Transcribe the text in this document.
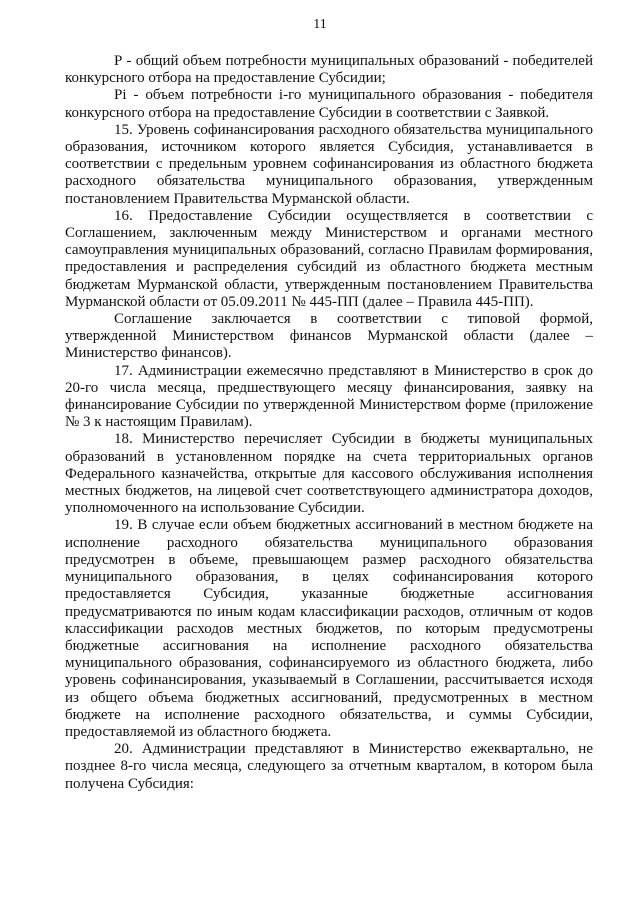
11

Р - общий объем потребности муниципальных образований - победителей конкурсного отбора на предоставление Субсидии;

Pi - объем потребности i-го муниципального образования - победителя конкурсного отбора на предоставление Субсидии в соответствии с Заявкой.

15. Уровень софинансирования расходного обязательства муниципального образования, источником которого является Субсидия, устанавливается в соответствии с предельным уровнем софинансирования из областного бюджета расходного обязательства муниципального образования, утвержденным постановлением Правительства Мурманской области.

16. Предоставление Субсидии осуществляется в соответствии с Соглашением, заключенным между Министерством и органами местного самоуправления муниципальных образований, согласно Правилам формирования, предоставления и распределения субсидий из областного бюджета местным бюджетам Мурманской области, утвержденным постановлением Правительства Мурманской области от 05.09.2011 № 445-ПП (далее – Правила 445-ПП).

Соглашение заключается в соответствии с типовой формой, утвержденной Министерством финансов Мурманской области (далее – Министерство финансов).

17. Администрации ежемесячно представляют в Министерство в срок до 20-го числа месяца, предшествующего месяцу финансирования, заявку на финансирование Субсидии по утвержденной Министерством форме (приложение № 3 к настоящим Правилам).

18. Министерство перечисляет Субсидии в бюджеты муниципальных образований в установленном порядке на счета территориальных органов Федерального казначейства, открытые для кассового обслуживания исполнения местных бюджетов, на лицевой счет соответствующего администратора доходов, уполномоченного на использование Субсидии.

19. В случае если объем бюджетных ассигнований в местном бюджете на исполнение расходного обязательства муниципального образования предусмотрен в объеме, превышающем размер расходного обязательства муниципального образования, в целях софинансирования которого предоставляется Субсидия, указанные бюджетные ассигнования предусматриваются по иным кодам классификации расходов, отличным от кодов классификации расходов местных бюджетов, по которым предусмотрены бюджетные ассигнования на исполнение расходного обязательства муниципального образования, софинансируемого из областного бюджета, либо уровень софинансирования, указываемый в Соглашении, рассчитывается исходя из общего объема бюджетных ассигнований, предусмотренных в местном бюджете на исполнение расходного обязательства, и суммы Субсидии, предоставляемой из областного бюджета.

20. Администрации представляют в Министерство ежеквартально, не позднее 8-го числа месяца, следующего за отчетным кварталом, в котором была получена Субсидия:
